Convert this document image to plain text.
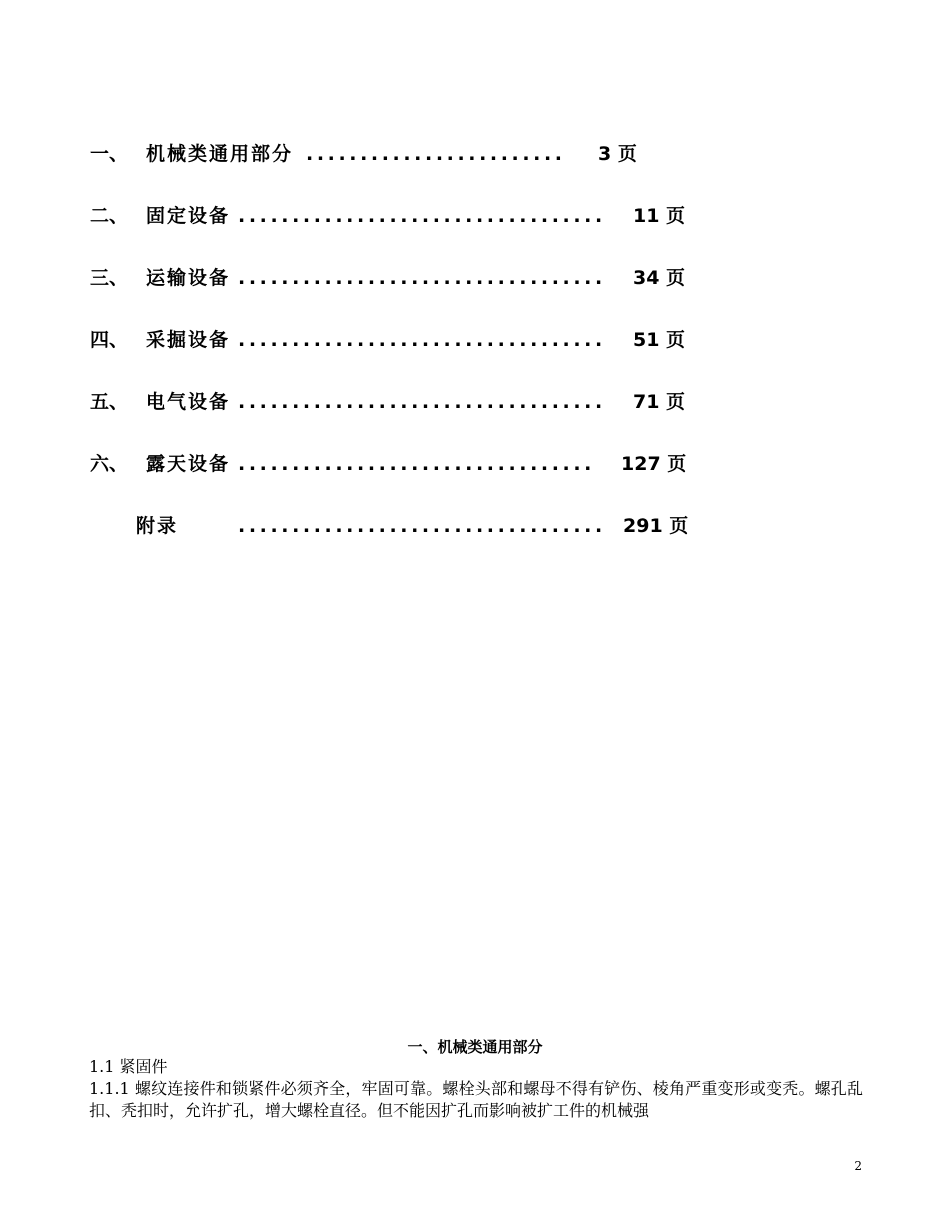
一、 机械类通用部分 ........................ 3 页
二、 固定设备 .................................. 11 页
三、 运输设备 .................................. 34 页
四、 采掘设备 .................................. 51 页
五、 电气设备 .................................. 71 页
六、 露天设备 ................................. 127 页
附录	.................................. 291 页
一、机械类通用部分
1.1 紧固件
1.1.1 螺纹连接件和锁紧件必须齐全，牢固可靠。螺栓头部和螺母不得有铲伤、棱角严重变形或变秃。螺孔乱扣、秃扣时，允许扩孔，增大螺栓直径。但不能因扩孔而影响被扩工件的机械强
2
